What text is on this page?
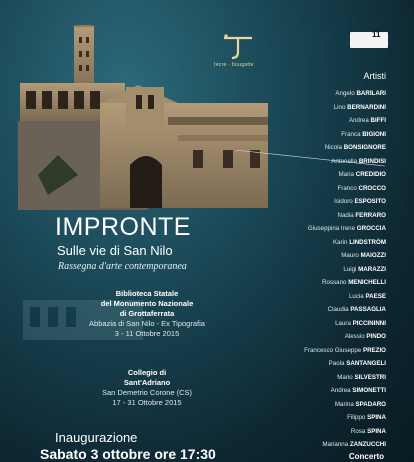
tecre · bougatte
11
Artisti
Angelo BARILARI
Lino BERNARDINI
Andrea BIFFI
Franca BIGIONI
Nicola BONSIGNORE
Antonella BRINDISI
Maria CREDIDIO
Franco CROCCO
Isidoro ESPOSITO
Nadia FERRARO
Giuseppina Irene GROCCIA
Karin LINDSTRÖM
Mauro MAIOZZI
Luigi MARAZZI
Rossano MENICHELLI
Lucia PAESE
Claudia PASSAGLIA
Laura PICCININNI
Alessio PINDO
Francesco Giuseppe PREZIO
Paola SANTANGELI
Mario SILVESTRI
Andrea SIMONETTI
Marina SPADARO
Filippo SPINA
Rosa SPINA
Marianna ZANZUCCHI
IMPRONTE
Sulle vie di San Nilo
Rassegna d'arte contemporanea
Biblioteca Statale
del Monumento Nazionale
di Grottaferrata
Abbazia di San Nilo - Ex Tipografia
3 - 11 Ottobre 2015
Collegio di
Sant'Adriano
San Demetrio Corone (CS)
17 - 31 Ottobre 2015
Inaugurazione
Sabato 3 ottobre ore 17:30	Concerto
